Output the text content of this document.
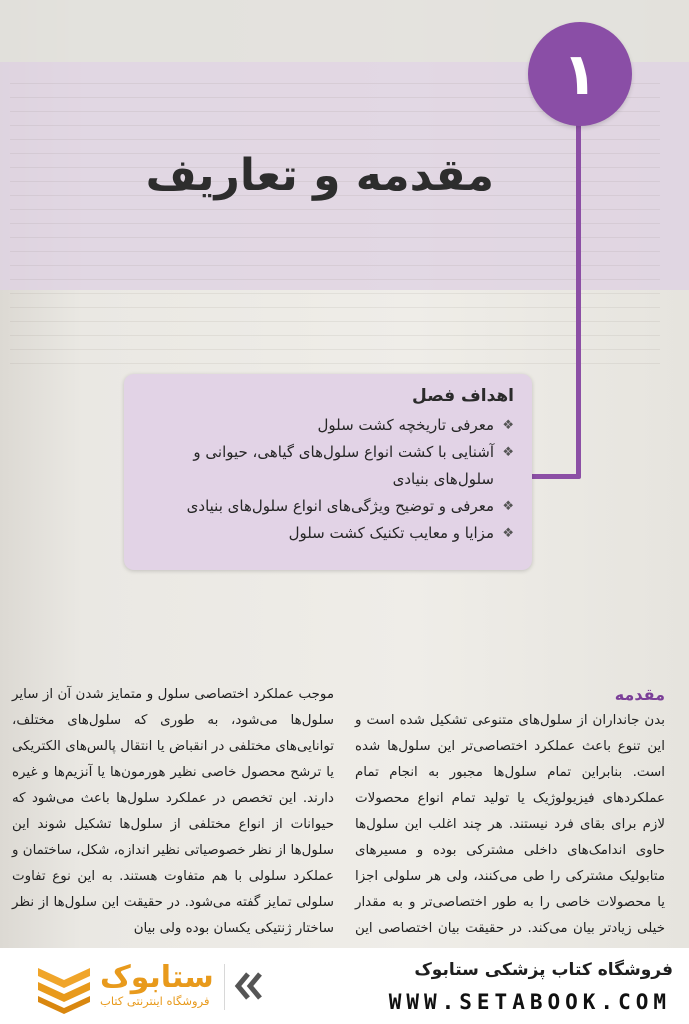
۱
مقدمه و تعاریف
اهداف فصل
❖
معرفی تاریخچه کشت سلول
❖
آشنایی با کشت انواع سلول‌های گیاهی، حیوانی و سلول‌های بنیادی
❖
معرفی و توضیح ویژگی‌های انواع سلول‌های بنیادی
❖
مزایا و معایب تکنیک کشت سلول
مقدمه
بدن جانداران از سلول‌های متنوعی تشکیل شده است و این تنوع باعث عملکرد اختصاصی‌تر این سلول‌ها شده است. بنابراین تمام سلول‌ها مجبور به انجام تمام عملکردهای فیزیولوژیک یا تولید تمام انواع محصولات لازم برای بقای فرد نیستند. هر چند اغلب این سلول‌ها حاوی اندامک‌های داخلی مشترکی بوده و مسیرهای متابولیک مشترکی را طی می‌کنند، ولی هر سلولی اجزا یا محصولات خاصی را به طور اختصاصی‌تر و به مقدار خیلی زیادتر بیان می‌کند. در حقیقت بیان اختصاصی این
موجب عملکرد اختصاصی سلول و متمایز شدن آن از سایر سلول‌ها می‌شود، به طوری که سلول‌های مختلف، توانایی‌های مختلفی در انقباض یا انتقال پالس‌های الکتریکی یا ترشح محصول خاصی نظیر هورمون‌ها یا آنزیم‌ها و غیره دارند. این تخصص در عملکرد سلول‌ها باعث می‌شود که حیوانات از انواع مختلفی از سلول‌ها تشکیل شوند این سلول‌ها از نظر خصوصیاتی نظیر اندازه، شکل، ساختمان و عملکرد سلولی با هم متفاوت هستند. به این نوع تفاوت سلولی تمایز گفته می‌شود. در حقیقت این سلول‌ها از نظر ساختار ژنتیکی یکسان بوده ولی بیان
فروشگاه کتاب پزشکی ستابوک
WWW.SETABOOK.COM
ستابوک
فروشگاه اینترنتی کتاب
